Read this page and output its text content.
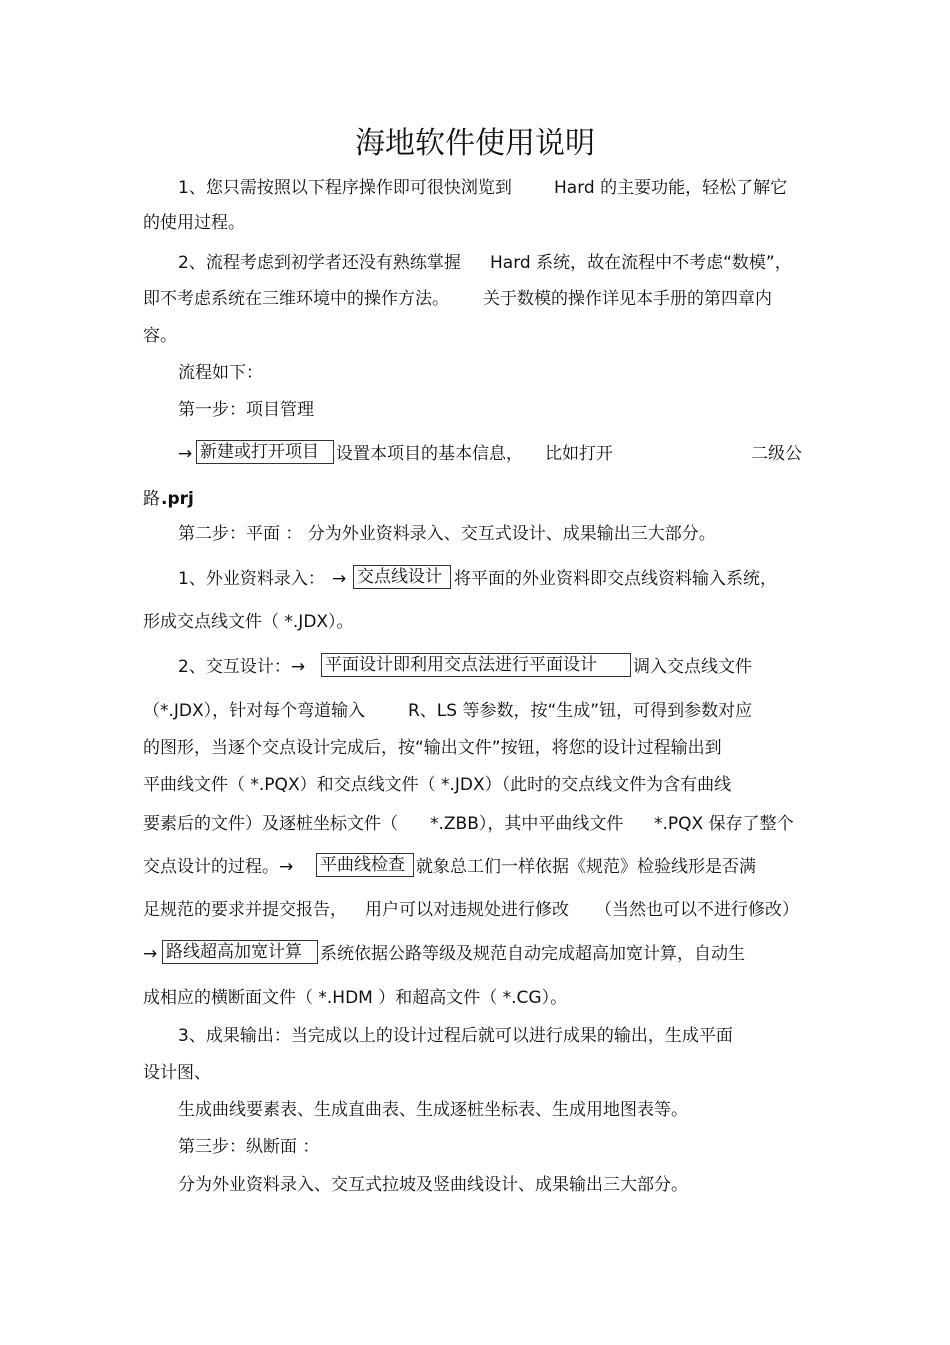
海地软件使用说明
1、您只需按照以下程序操作即可很快浏览到 Hard 的主要功能，轻松了解它
的使用过程。
2、流程考虑到初学者还没有熟练掌握 Hard 系统，故在流程中不考虑“数模”，
即不考虑系统在三维环境中的操作方法。 关于数模的操作详见本手册的第四章内
容。
流程如下：
第一步：项目管理
→ 新建或打开项目	设置本项目的基本信息， 比如打开	二级公
路 .prj
第二步：平面 ： 分为外业资料录入、交互式设计、成果输出三大部分。
1、外业资料录入： → 交点线设计 将平面的外业资料即交点线资料输入系统，
形成交点线文件（ *.JDX）。
2、交互设计：→ 平面设计即利用交点法进行平面设计	调入交点线文件
（*.JDX），针对每个弯道输入	R、LS 等参数，按“生成”钮，可得到参数对应
的图形，当逐个交点设计完成后，按“输出文件”按钮，将您的设计过程输出到
平曲线文件（ *.PQX）和交点线文件（ *.JDX）（此时的交点线文件为含有曲线
要素后的文件）及逐桩坐标文件（ *.ZBB），其中平曲线文件 *.PQX 保存了整个
交点设计的过程。→ 平曲线检查 就象总工们一样依据《规范》检验线形是否满
足规范的要求并提交报告， 用户可以对违规处进行修改 （当然也可以不进行修改）
→ 路线超高加宽计算	系统依据公路等级及规范自动完成超高加宽计算，自动生
成相应的横断面文件（ *.HDM ）和超高文件（ *.CG）。
3、成果输出：当完成以上的设计过程后就可以进行成果的输出，生成平面
设计图、
生成曲线要素表、生成直曲表、生成逐桩坐标表、生成用地图表等。
第三步：纵断面 ：
分为外业资料录入、交互式拉坡及竖曲线设计、成果输出三大部分。
